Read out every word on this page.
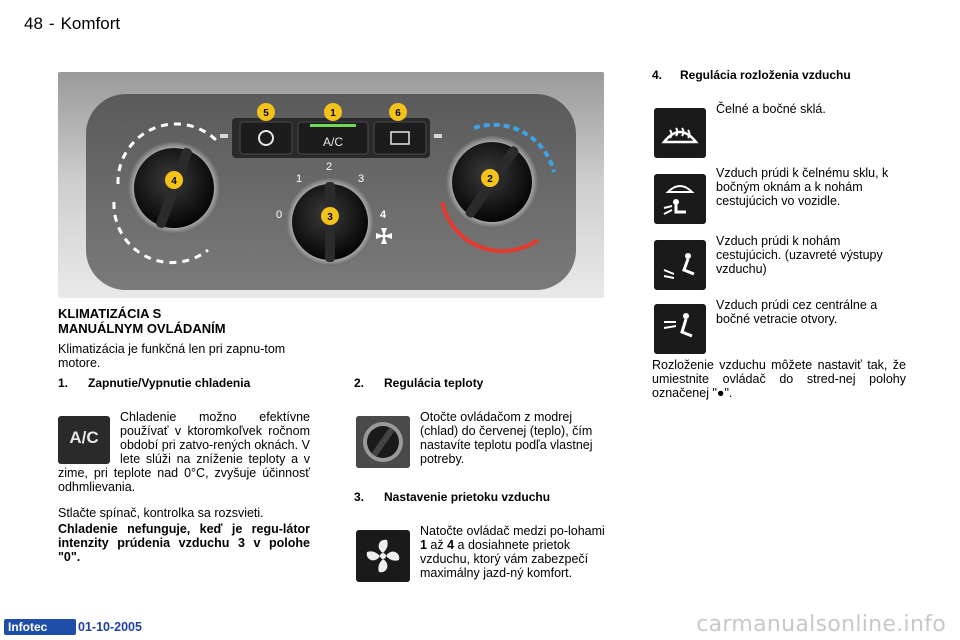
48 - Komfort
A/C
0
1
2
3
4
5	1	6
4
3
2
KLIMATIZÁCIA S
MANUÁLNYM OVLÁDANÍM
Klimatizácia je funkčná len pri zapnu-tom motore.
1. Zapnutie/Vypnutie chladenia
A/C
Chladenie možno efektívne používať v ktoromkoľvek ročnom období pri zatvo-rených oknách. V lete slúži na zníženie teploty a v zime, pri teplote nad 0°C, zvyšuje účinnosť odhmlievania.
Stlačte spínač, kontrolka sa rozsvieti.
Chladenie nefunguje, keď je regu-látor intenzity prúdenia vzduchu 3 v polohe "0".
2. Regulácia teploty
Otočte ovládačom z modrej (chlad) do červenej (teplo), čím nastavíte teplotu podľa vlastnej potreby.
3. Nastavenie prietoku vzduchu
Natočte ovládač medzi po-lohami 1 až 4 a dosiahnete prietok vzduchu, ktorý vám zabezpečí maximálny jazd-ný komfort.
4. Regulácia rozloženia vzduchu
Čelné a bočné sklá.
Vzduch prúdi k čelnému sklu, k bočným oknám a k nohám cestujúcich vo vozidle.
Vzduch prúdi k nohám cestujúcich. (uzavreté výstupy vzduchu)
Vzduch prúdi cez centrálne a bočné vetracie otvory.
Rozloženie vzduchu môžete nastaviť tak, že umiestnite ovládač do stred-nej polohy označenej "●".
Infotec	01-10-2005	carmanualsonline.info
